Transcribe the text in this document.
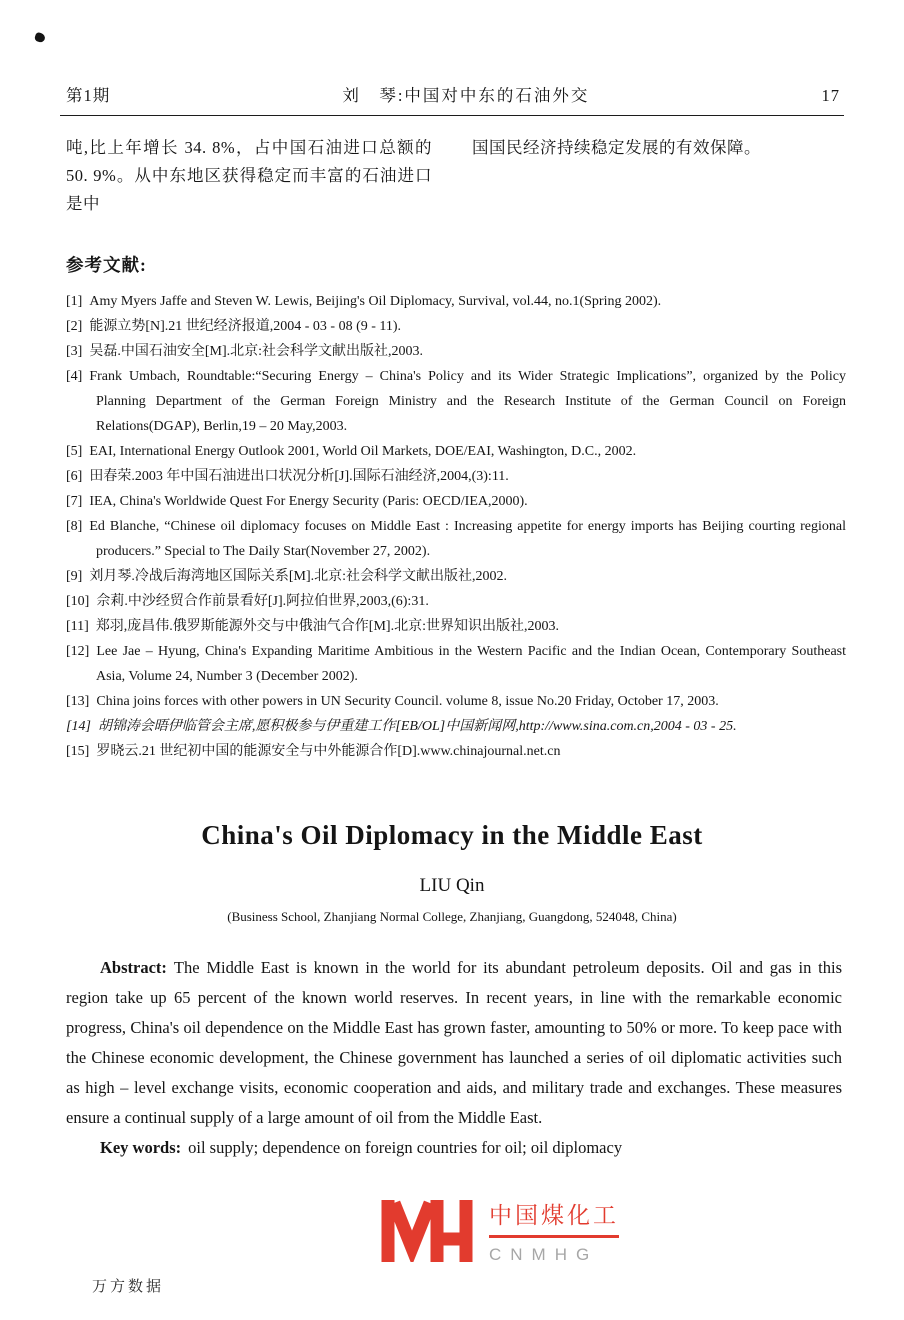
第1期	刘　琴:中国对中东的石油外交	17

吨,比上年增长 34. 8%，占中国石油进口总额的 50. 9%。从中东地区获得稳定而丰富的石油进口是中

国国民经济持续稳定发展的有效保障。

参考文献:
[1] Amy Myers Jaffe and Steven W. Lewis, Beijing's Oil Diplomacy, Survival, vol.44, no.1(Spring 2002).
[2] 能源立势[N].21 世纪经济报道,2004 - 03 - 08 (9 - 11).
[3] 吴磊.中国石油安全[M].北京:社会科学文献出版社,2003.
[4] Frank Umbach, Roundtable:“Securing Energy – China's Policy and its Wider Strategic Implications”, organized by the Policy Planning Department of the German Foreign Ministry and the Research Institute of the German Council on Foreign Relations(DGAP), Berlin,19 – 20 May,2003.
[5] EAI, International Energy Outlook 2001, World Oil Markets, DOE/EAI, Washington, D.C., 2002.
[6] 田春荣.2003 年中国石油进出口状况分析[J].国际石油经济,2004,(3):11.
[7] IEA, China's Worldwide Quest For Energy Security (Paris: OECD/IEA,2000).
[8] Ed Blanche, “Chinese oil diplomacy focuses on Middle East : Increasing appetite for energy imports has Beijing courting regional producers.” Special to The Daily Star(November 27, 2002).
[9] 刘月琴.冷战后海湾地区国际关系[M].北京:社会科学文献出版社,2002.
[10] 佘莉.中沙经贸合作前景看好[J].阿拉伯世界,2003,(6):31.
[11] 郑羽,庞昌伟.俄罗斯能源外交与中俄油气合作[M].北京:世界知识出版社,2003.
[12] Lee Jae – Hyung, China's Expanding Maritime Ambitious in the Western Pacific and the Indian Ocean, Contemporary Southeast Asia, Volume 24, Number 3 (December 2002).
[13] China joins forces with other powers in UN Security Council. volume 8, issue No.20 Friday, October 17, 2003.
[14] 胡锦涛会晤伊临管会主席,愿积极参与伊重建工作[EB/OL]中国新闻网,http://www.sina.com.cn,2004 - 03 - 25.
[15] 罗晓云.21 世纪初中国的能源安全与中外能源合作[D].www.chinajournal.net.cn
China's Oil Diplomacy in the Middle East
LIU Qin
(Business School, Zhanjiang Normal College, Zhanjiang, Guangdong, 524048, China)

Abstract: The Middle East is known in the world for its abundant petroleum deposits. Oil and gas in this region take up 65 percent of the known world reserves. In recent years, in line with the remarkable economic progress, China's oil dependence on the Middle East has grown faster, amounting to 50% or more. To keep pace with the Chinese economic development, the Chinese government has launched a series of oil diplomatic activities such as high – level exchange visits, economic cooperation and aids, and military trade and exchanges. These measures ensure a continual supply of a large amount of oil from the Middle East.

Key words: oil supply; dependence on foreign countries for oil; oil diplomacy

中国煤化工
CNMHG
万方数据
